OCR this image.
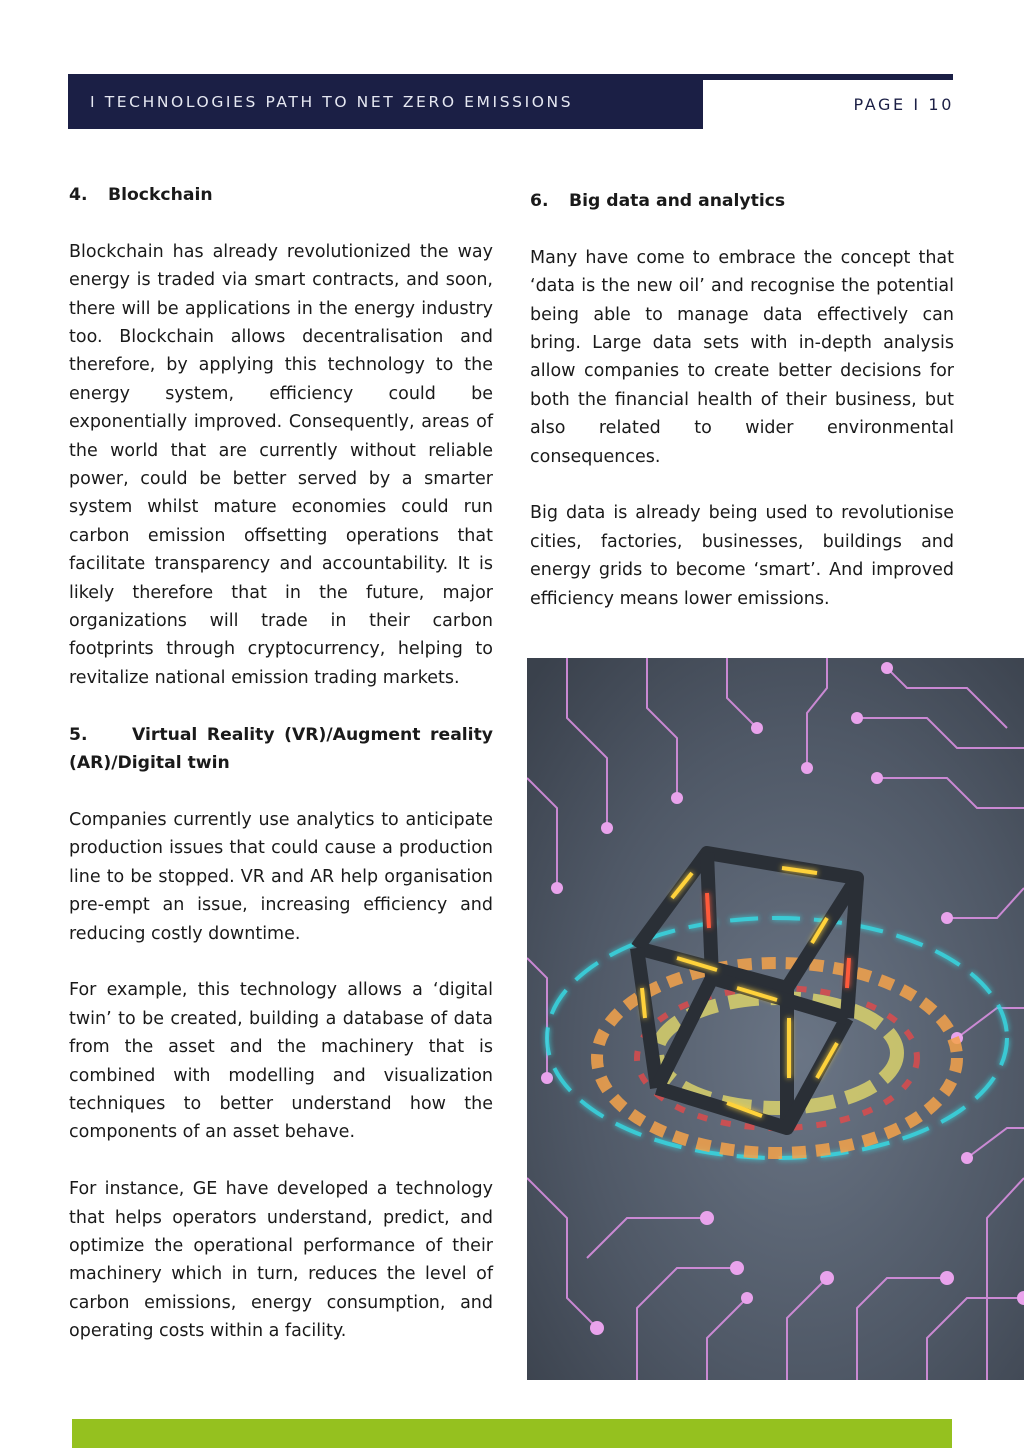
I TECHNOLOGIES PATH TO NET ZERO EMISSIONS	PAGE I 10
4. Blockchain

Blockchain has already revolutionized the way energy is traded via smart contracts, and soon, there will be applications in the energy industry too. Blockchain allows decentralisation and therefore, by applying this technology to the energy system, efficiency could be exponentially improved. Consequently, areas of the world that are currently without reliable power, could be better served by a smarter system whilst mature economies could run carbon emission offsetting operations that facilitate transparency and accountability. It is likely therefore that in the future, major organizations will trade in their carbon footprints through cryptocurrency, helping to revitalize national emission trading markets.

5.	Virtual Reality (VR)/Augment reality (AR)/Digital twin

Companies currently use analytics to anticipate production issues that could cause a production line to be stopped. VR and AR help organisation pre-empt an issue, increasing efficiency and reducing costly downtime.

For example, this technology allows a ‘digital twin’ to be created, building a database of data from the asset and the machinery that is combined with modelling and visualization techniques to better understand how the components of an asset behave.

For instance, GE have developed a technology that helps operators understand, predict, and optimize the operational performance of their machinery which in turn, reduces the level of carbon emissions, energy consumption, and operating costs within a facility.

6. Big data and analytics

Many have come to embrace the concept that ‘data is the new oil’ and recognise the potential being able to manage data effectively can bring. Large data sets with in-depth analysis allow companies to create better decisions for both the financial health of their business, but also related to wider environmental consequences.

Big data is already being used to revolutionise cities, factories, businesses, buildings and energy grids to become ‘smart’. And improved efficiency means lower emissions.
